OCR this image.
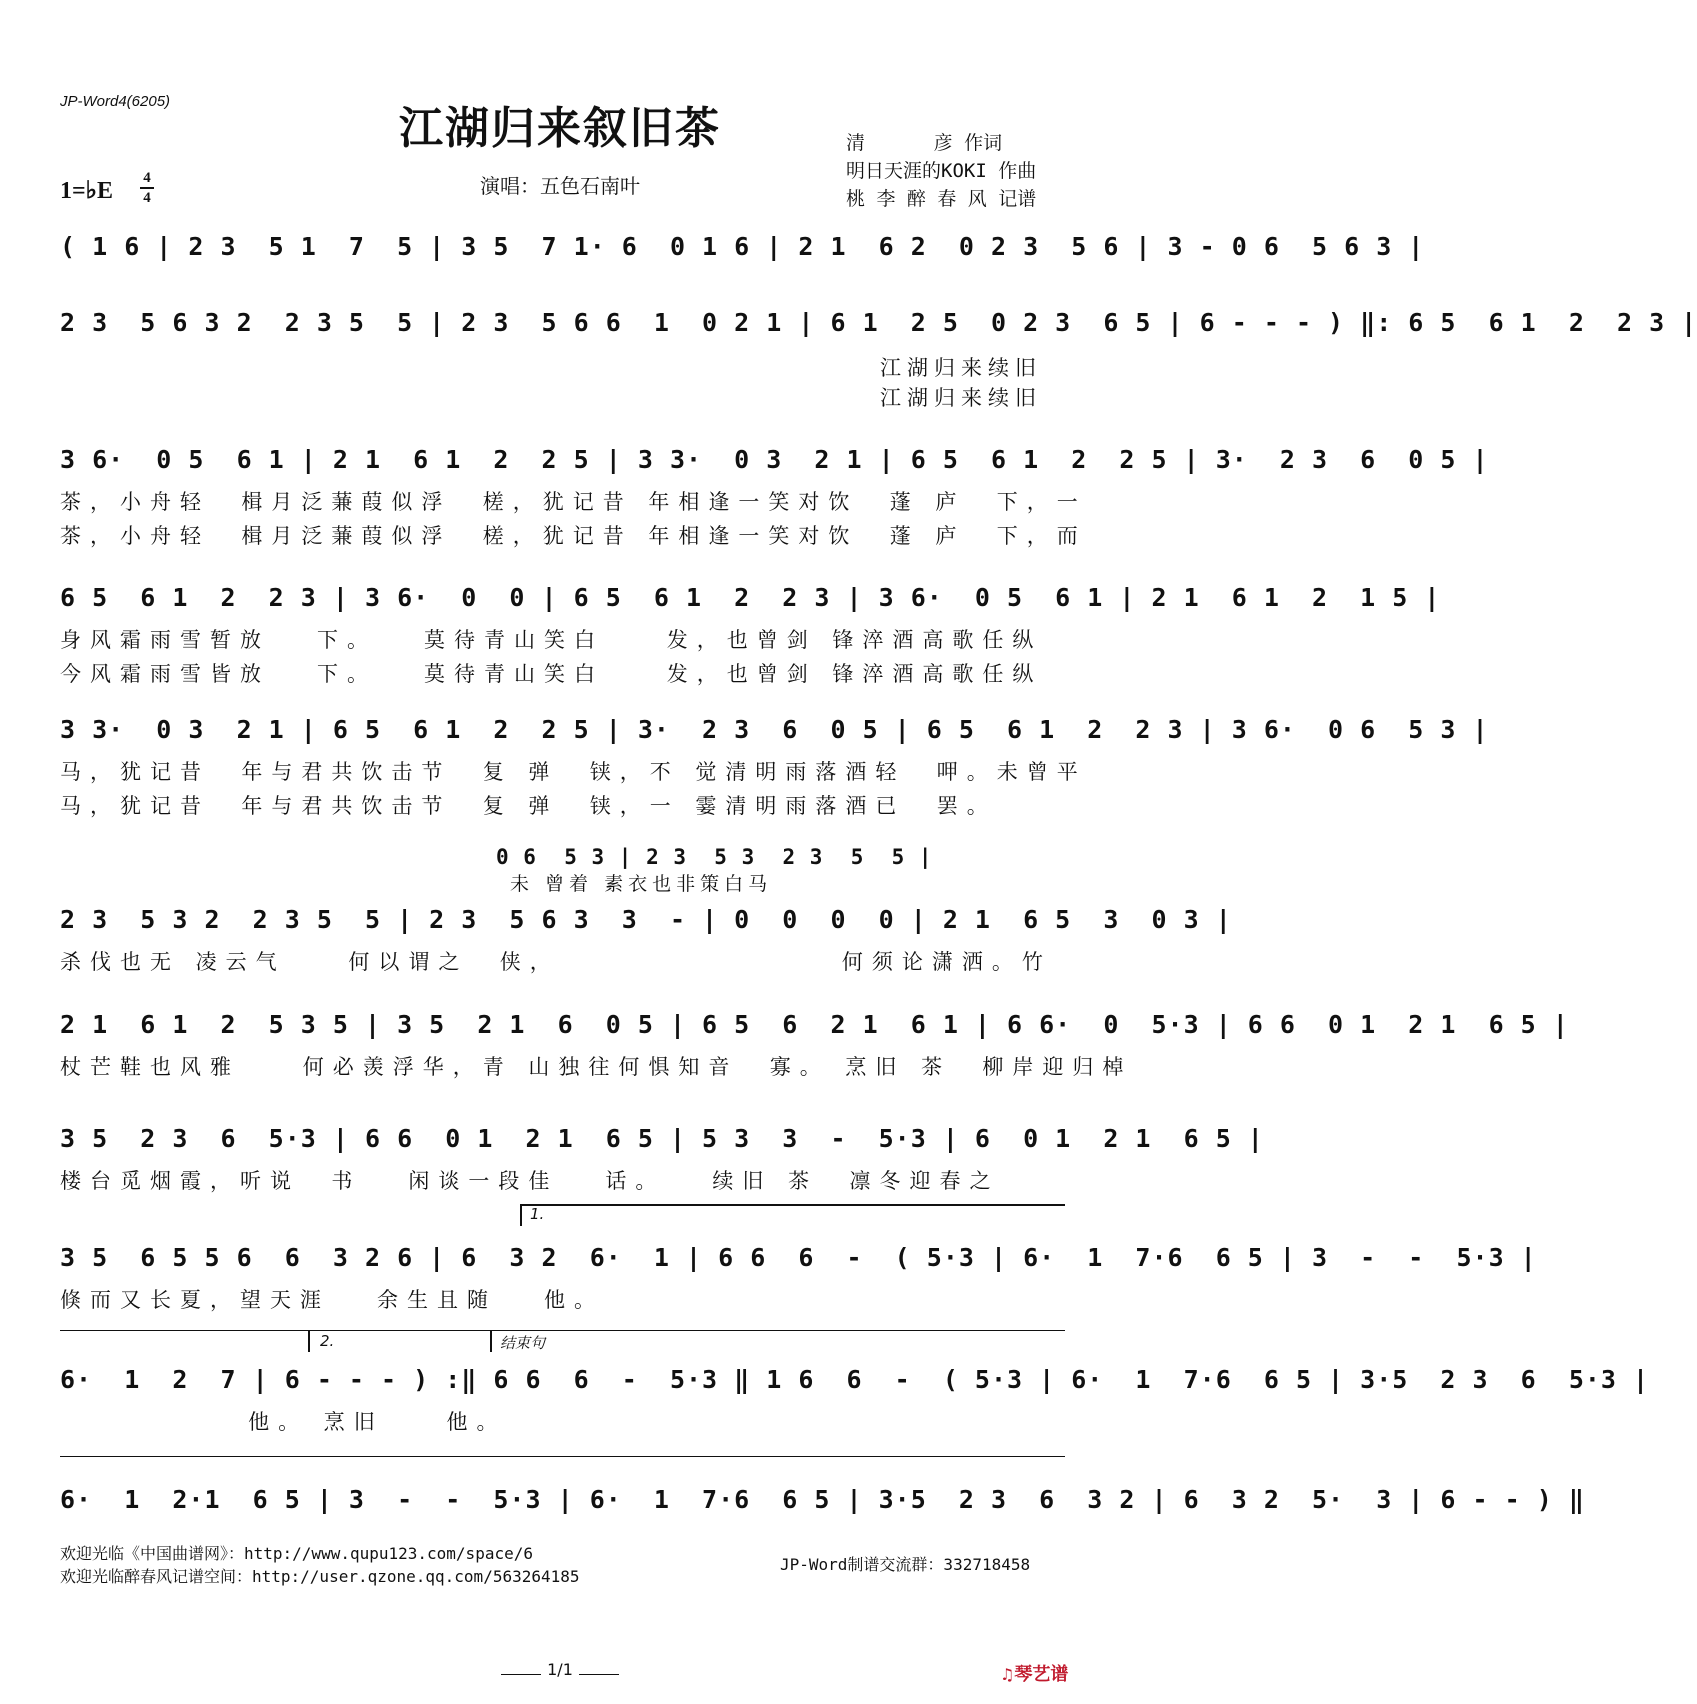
JP-Word4(6205)
江湖归来叙旧茶
1=♭E 4
4	演唱：五色石南叶
清      彦 作词
明日天涯的KOKI 作曲
桃 李 醉 春 风 记谱
( 1 6 | 2 3  5 1  7  5 | 3 5  7 1· 6  0 1 6 | 2 1  6 2  0 2 3  5 6 | 3 - 0 6  5 6 3 |
2 3  5 6 3 2  2 3 5  5 | 2 3  5 6 6  1  0 2 1 | 6 1  2 5  0 2 3  6 5 | 6 - - - ) ‖: 6 5  6 1  2  2 3 |
江湖归来续旧
江湖归来续旧
3 6·  0 5  6 1 | 2 1  6 1  2  2 5 | 3 3·  0 3  2 1 | 6 5  6 1  2  2 5 | 3·  2 3  6  0 5 |
茶，小舟轻  楫月泛蒹葭似浮  槎，犹记昔 年相逢一笑对饮  蓬 庐  下，一
茶，小舟轻  楫月泛蒹葭似浮  槎，犹记昔 年相逢一笑对饮  蓬 庐  下，而
6 5  6 1  2  2 3 | 3 6·  0  0 | 6 5  6 1  2  2 3 | 3 6·  0 5  6 1 | 2 1  6 1  2  1 5 |
身风霜雨雪暂放   下。   莫待青山笑白    发，也曾剑 锋淬酒高歌任纵
今风霜雨雪皆放   下。   莫待青山笑白    发，也曾剑 锋淬酒高歌任纵
3 3·  0 3  2 1 | 6 5  6 1  2  2 5 | 3·  2 3  6  0 5 | 6 5  6 1  2  2 3 | 3 6·  0 6  5 3 |
马，犹记昔  年与君共饮击节  复 弹  铗，不 觉清明雨落酒轻  呷。未曾平
马，犹记昔  年与君共饮击节  复 弹  铗，一 霎清明雨落酒已  罢。
0 6  5 3 | 2 3  5 3  2 3  5  5 |
未 曾着 素衣也非策白马
2 3  5 3 2  2 3 5  5 | 2 3  5 6 3  3  - | 0  0  0  0 | 2 1  6 5  3  0 3 |
杀伐也无 凌云气    何以谓之  侠，                  何须论潇洒。竹
2 1  6 1  2  5 3 5 | 3 5  2 1  6  0 5 | 6 5  6  2 1  6 1 | 6 6·  0  5·3 | 6 6  0 1  2 1  6 5 |
杖芒鞋也风雅    何必羡浮华，青 山独往何惧知音  寡。 烹旧 茶  柳岸迎归棹
3 5  2 3  6  5·3 | 6 6  0 1  2 1  6 5 | 5 3  3  -  5·3 | 6  0 1  2 1  6 5 |
楼台觅烟霞，听说  书   闲谈一段佳   话。   续旧 茶  凛冬迎春之
1.
3 5  6 5 5 6  6  3 2 6 | 6  3 2  6·  1 | 6 6  6  -  ( 5·3 | 6·  1  7·6  6 5 | 3  -  -  5·3 |
倏而又长夏，望天涯   余生且随   他。
2.	结束句
6·  1  2  7 | 6 - - - ) :‖ 6 6  6  -  5·3 ‖ 1 6  6  -  ( 5·3 | 6·  1  7·6  6 5 | 3·5  2 3  6  5·3 |
他。 烹旧    他。
6·  1  2·1  6 5 | 3  -  -  5·3 | 6·  1  7·6  6 5 | 3·5  2 3  6  3 2 | 6  3 2  5·  3 | 6 - - ) ‖
欢迎光临《中国曲谱网》：http://www.qupu123.com/space/6
欢迎光临醉春风记谱空间：http://user.qzone.qq.com/563264185
JP-Word制谱交流群：332718458
1/1	♫琴艺谱
